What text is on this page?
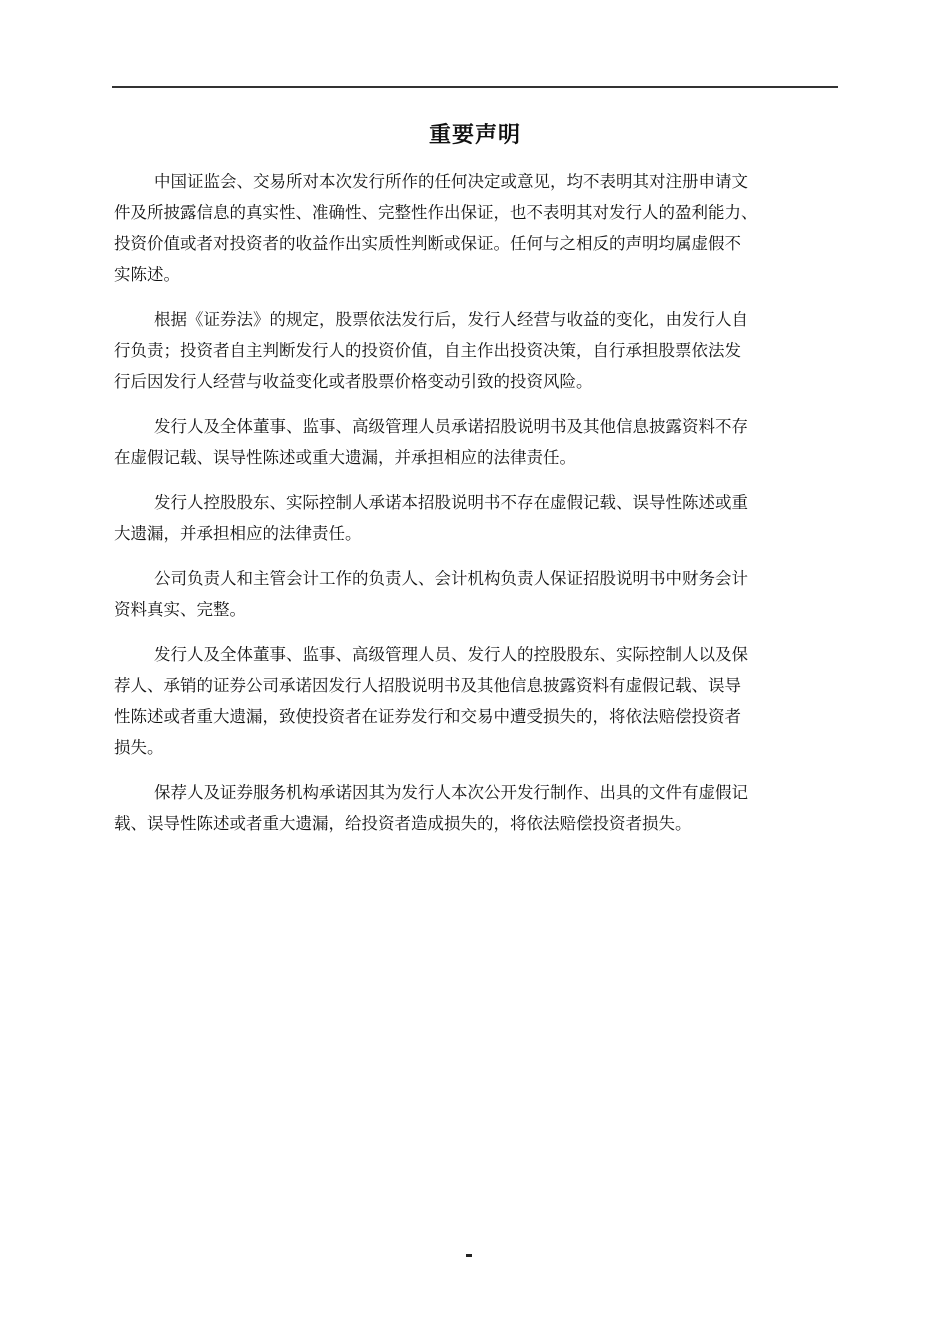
重要声明
中国证监会、交易所对本次发行所作的任何决定或意见，均不表明其对注册申请文
件及所披露信息的真实性、准确性、完整性作出保证，也不表明其对发行人的盈利能力、
投资价值或者对投资者的收益作出实质性判断或保证。任何与之相反的声明均属虚假不
实陈述。
根据《证券法》的规定，股票依法发行后，发行人经营与收益的变化，由发行人自
行负责；投资者自主判断发行人的投资价值，自主作出投资决策，自行承担股票依法发
行后因发行人经营与收益变化或者股票价格变动引致的投资风险。
发行人及全体董事、监事、高级管理人员承诺招股说明书及其他信息披露资料不存
在虚假记载、误导性陈述或重大遗漏，并承担相应的法律责任。
发行人控股股东、实际控制人承诺本招股说明书不存在虚假记载、误导性陈述或重
大遗漏，并承担相应的法律责任。
公司负责人和主管会计工作的负责人、会计机构负责人保证招股说明书中财务会计
资料真实、完整。
发行人及全体董事、监事、高级管理人员、发行人的控股股东、实际控制人以及保
荐人、承销的证券公司承诺因发行人招股说明书及其他信息披露资料有虚假记载、误导
性陈述或者重大遗漏，致使投资者在证券发行和交易中遭受损失的，将依法赔偿投资者
损失。
保荐人及证券服务机构承诺因其为发行人本次公开发行制作、出具的文件有虚假记
载、误导性陈述或者重大遗漏，给投资者造成损失的，将依法赔偿投资者损失。
